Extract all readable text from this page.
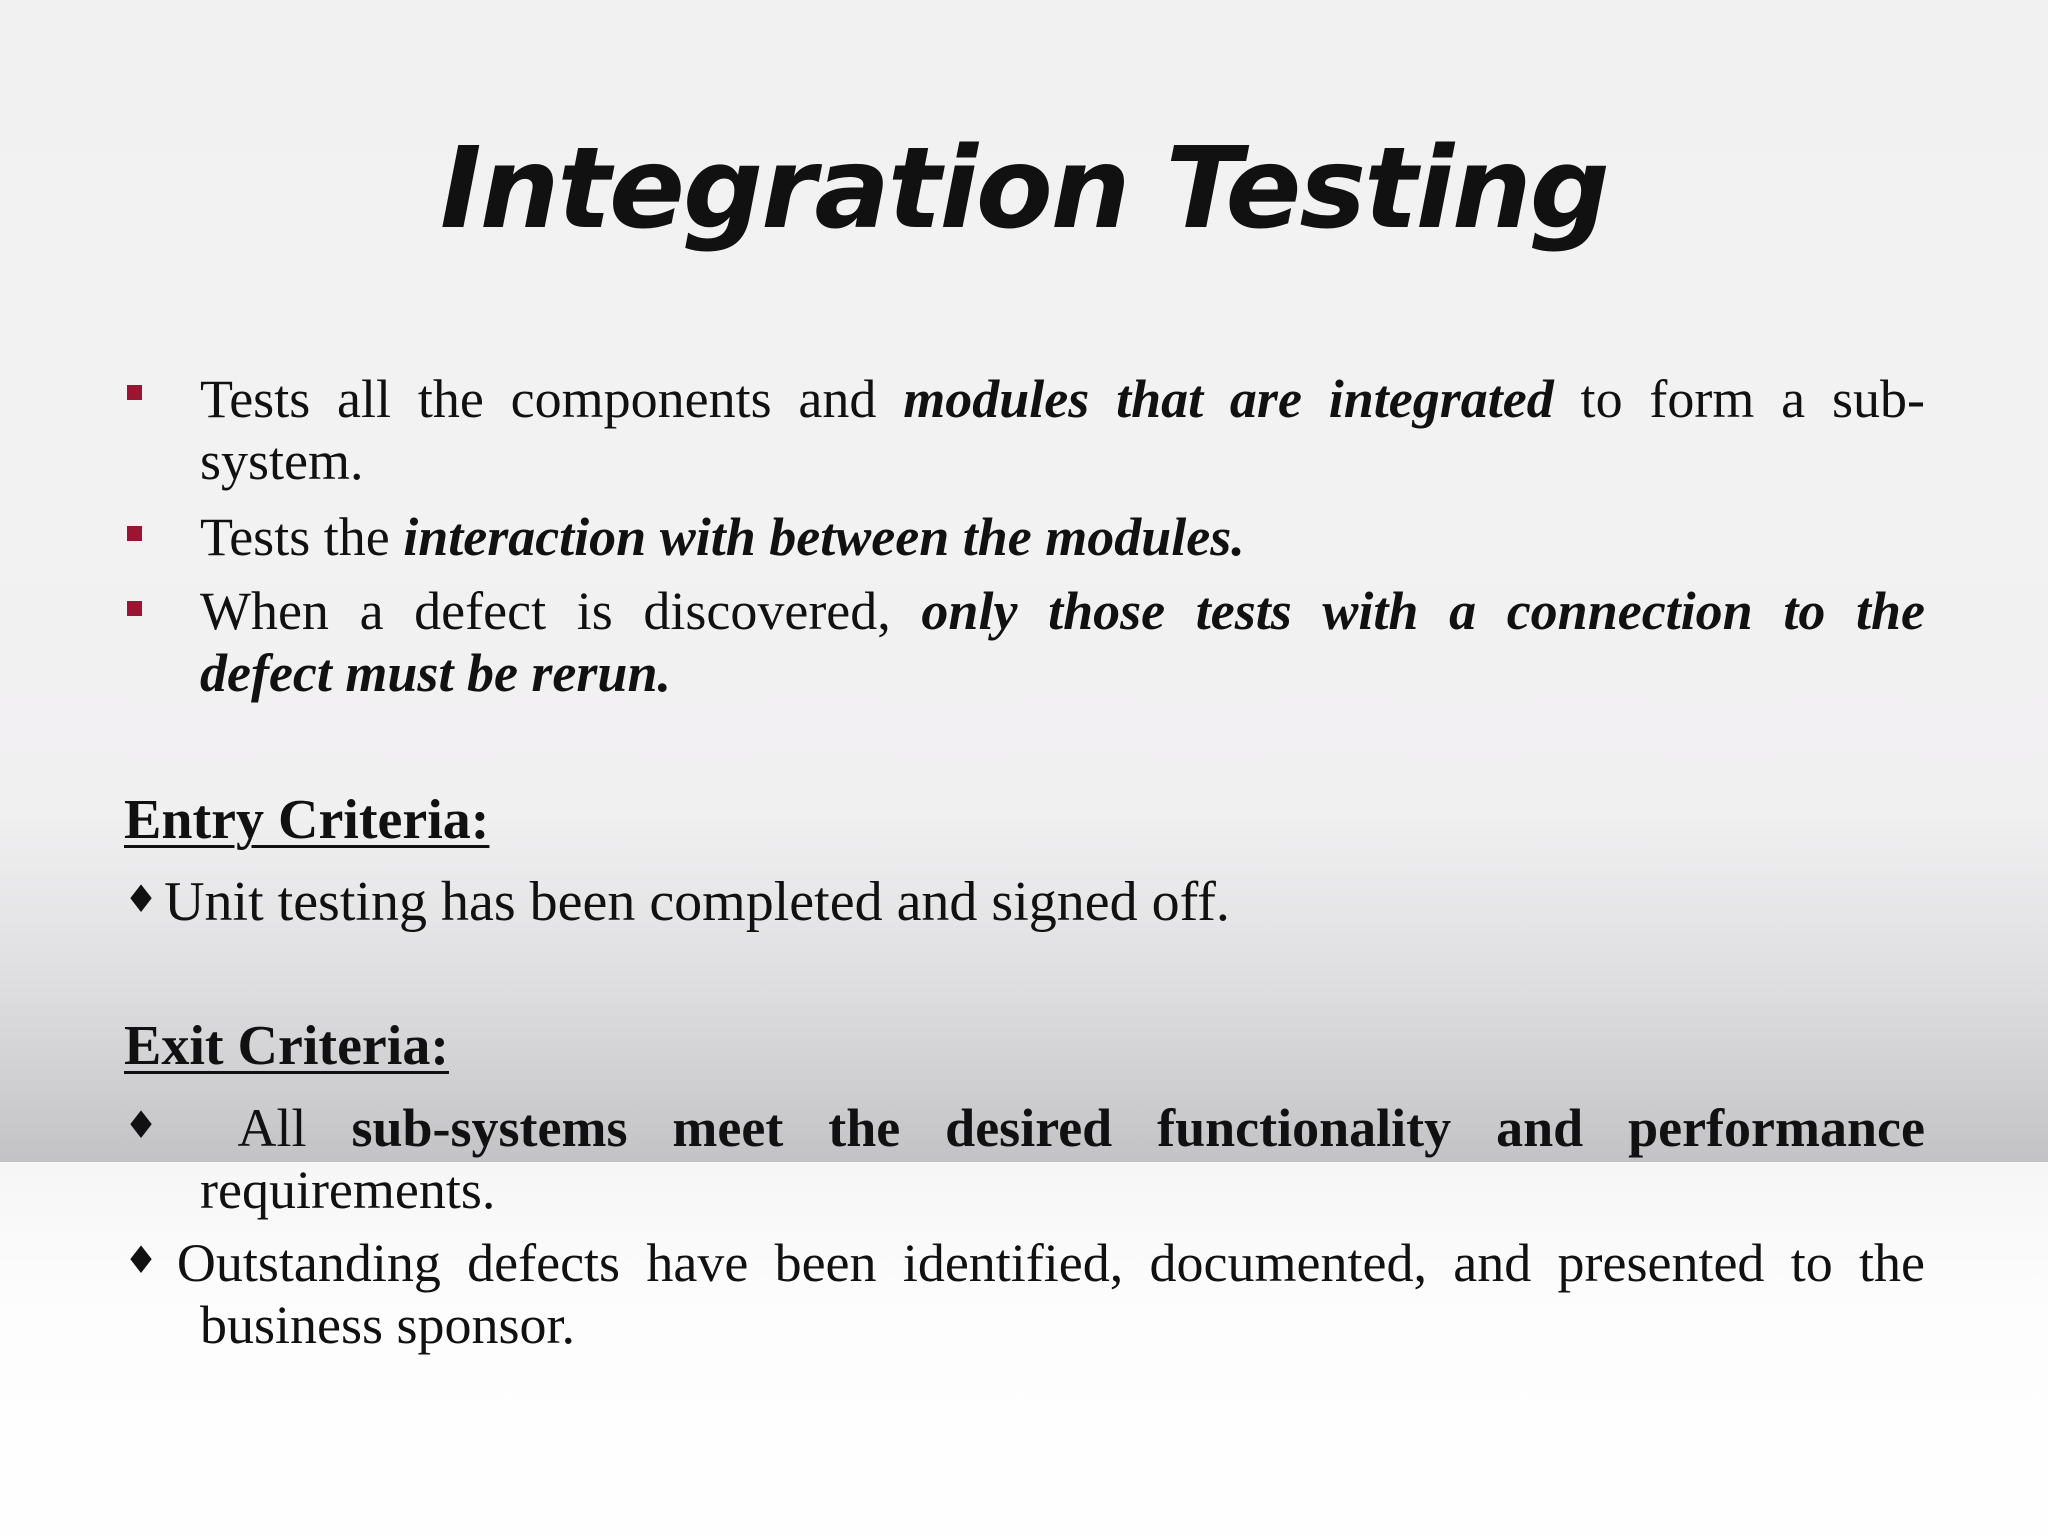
Integration Testing
Tests all the components and modules that are integrated to form a sub-
system.
Tests the interaction with between the modules.
When a defect is discovered, only those tests with a connection to the
defect must be rerun.
Entry Criteria:
♦ Unit testing has been completed and signed off.
Exit Criteria:
♦ All sub-systems meet the desired functionality and performance
requirements.
♦ Outstanding defects have been identified, documented, and presented to the
business sponsor.
